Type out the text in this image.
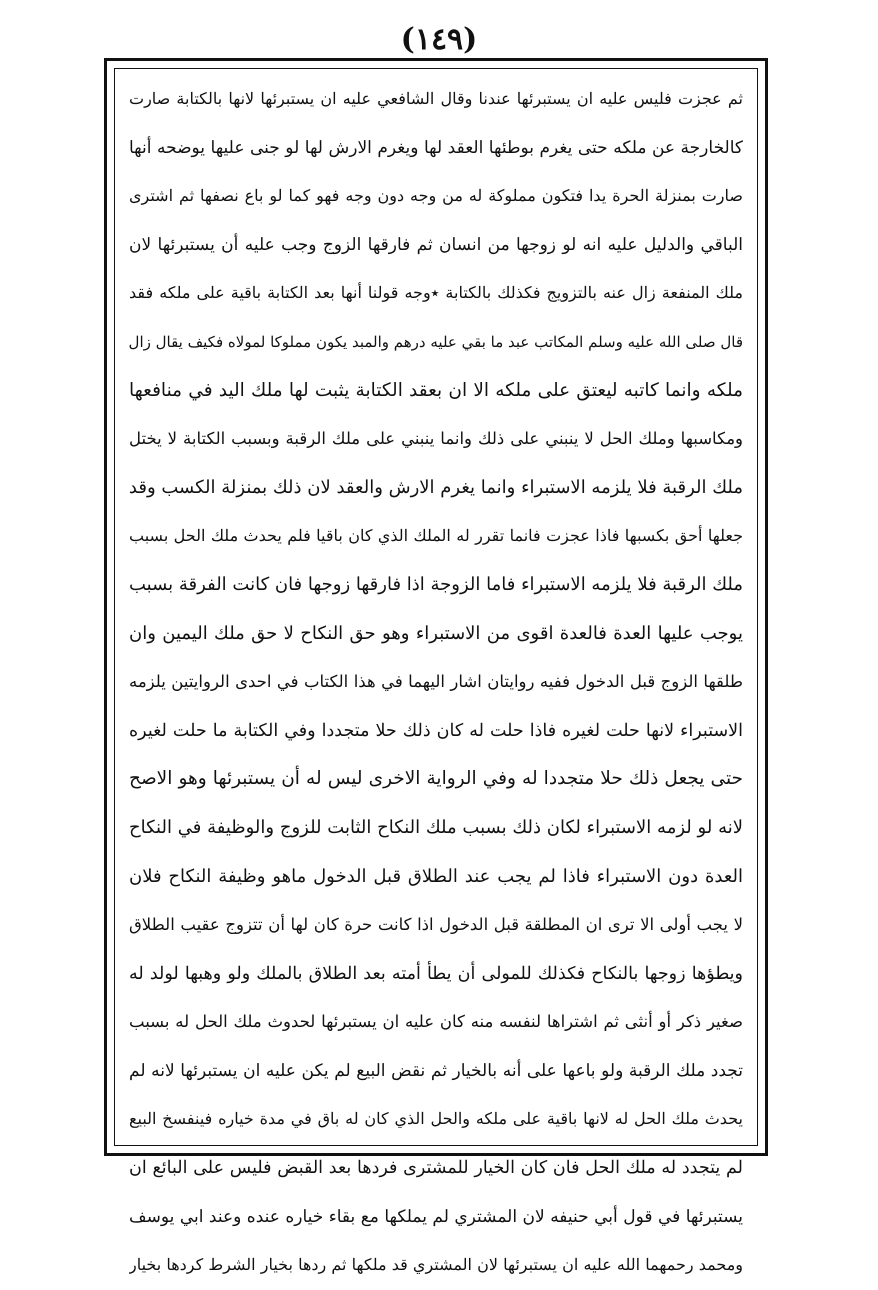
(١٤٩)
ثم عجزت فليس عليه ان يستبرئها عندنا وقال الشافعي عليه ان يستبرئها لانها بالكتابة صارت
كالخارجة عن ملكه حتى يغرم بوطئها العقد لها ويغرم الارش لها لو جنى عليها يوضحه أنها
صارت بمنزلة الحرة يدا فتكون مملوكة له من وجه دون وجه فهو كما لو باع نصفها ثم اشترى
الباقي والدليل عليه انه لو زوجها من انسان ثم فارقها الزوج وجب عليه أن يستبرئها لان
ملك المنفعة زال عنه بالتزويج فكذلك بالكتابة ٭وجه قولنا أنها بعد الكتابة باقية على ملكه فقد
قال صلى الله عليه وسلم المكاتب عبد ما بقي عليه درهم والمبد يكون مملوكا لمولاه فكيف يقال زال
ملكه وانما كاتبه ليعتق على ملكه الا ان بعقد الكتابة يثبت لها ملك اليد في منافعها
ومكاسبها وملك الحل لا ينبني على ذلك وانما ينبني على ملك الرقبة وبسبب الكتابة لا يختل
ملك الرقبة فلا يلزمه الاستبراء وانما يغرم الارش والعقد لان ذلك بمنزلة الكسب وقد
جعلها أحق بكسبها فاذا عجزت فانما تقرر له الملك الذي كان باقيا فلم يحدث ملك الحل بسبب
ملك الرقبة فلا يلزمه الاستبراء فاما الزوجة اذا فارقها زوجها فان كانت الفرقة بسبب
يوجب عليها العدة فالعدة اقوى من الاستبراء وهو حق النكاح لا حق ملك اليمين وان
طلقها الزوج قبل الدخول ففيه روايتان اشار اليهما في هذا الكتاب في احدى الروايتين يلزمه
الاستبراء لانها حلت لغيره فاذا حلت له كان ذلك حلا متجددا وفي الكتابة ما حلت لغيره
حتى يجعل ذلك حلا متجددا له وفي الرواية الاخرى ليس له أن يستبرئها وهو الاصح
لانه لو لزمه الاستبراء لكان ذلك بسبب ملك النكاح الثابت للزوج والوظيفة في النكاح
العدة دون الاستبراء فاذا لم يجب عند الطلاق قبل الدخول ماهو وظيفة النكاح فلان
لا يجب أولى الا ترى ان المطلقة قبل الدخول اذا كانت حرة كان لها أن تتزوج عقيب الطلاق
ويطؤها زوجها بالنكاح فكذلك للمولى أن يطأ أمته بعد الطلاق بالملك ولو وهبها لولد له
صغير ذكر أو أنثى ثم اشتراها لنفسه منه كان عليه ان يستبرئها لحدوث ملك الحل له بسبب
تجدد ملك الرقبة ولو باعها على أنه بالخيار ثم نقض البيع لم يكن عليه ان يستبرئها لانه لم
يحدث ملك الحل له لانها باقية على ملكه والحل الذي كان له باق في مدة خياره فينفسخ البيع
لم يتجدد له ملك الحل فان كان الخيار للمشترى فردها بعد القبض فليس على البائع ان
يستبرئها في قول أبي حنيفه لان المشتري لم يملكها مع بقاء خياره عنده وعند ابي يوسف
ومحمد رحمهما الله عليه ان يستبرئها لان المشتري قد ملكها ثم ردها بخيار الشرط كردها بخيار
